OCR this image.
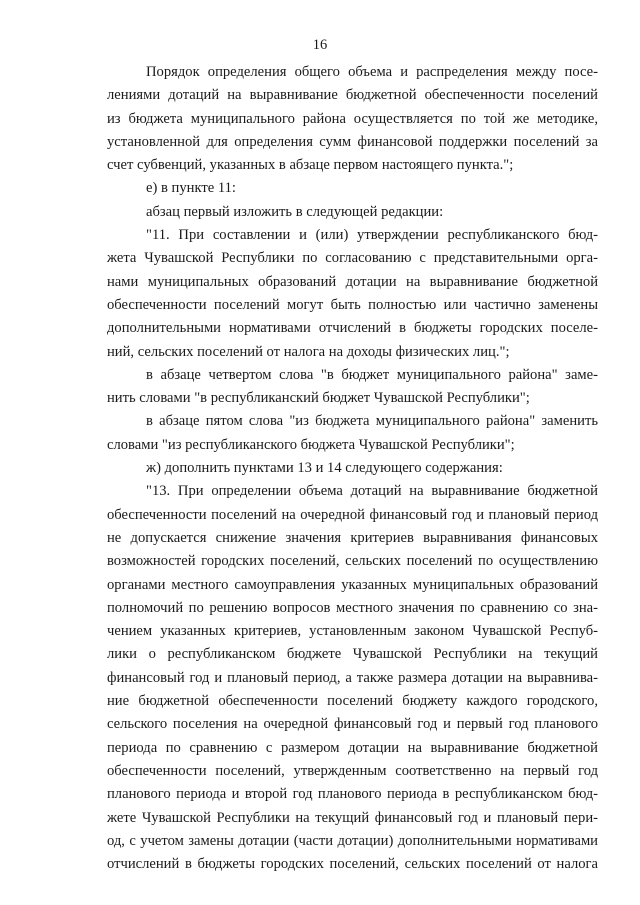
16
Порядок определения общего объема и распределения между посе-
лениями дотаций на выравнивание бюджетной обеспеченности поселений
из бюджета муниципального района осуществляется по той же методике,
установленной для определения сумм финансовой поддержки поселений за
счет субвенций, указанных в абзаце первом настоящего пункта.";
е) в пункте 11:
абзац первый изложить в следующей редакции:
"11. При составлении и (или) утверждении республиканского бюд-
жета Чувашской Республики по согласованию с представительными орга-
нами муниципальных образований дотации на выравнивание бюджетной
обеспеченности поселений могут быть полностью или частично заменены
дополнительными нормативами отчислений в бюджеты городских поселе-
ний, сельских поселений от налога на доходы физических лиц.";
в абзаце четвертом слова "в бюджет муниципального района" заме-
нить словами "в республиканский бюджет Чувашской Республики";
в абзаце пятом слова "из бюджета муниципального района" заменить
словами "из республиканского бюджета Чувашской Республики";
ж) дополнить пунктами 13 и 14 следующего содержания:
"13. При определении объема дотаций на выравнивание бюджетной
обеспеченности поселений на очередной финансовый год и плановый период
не допускается снижение значения критериев выравнивания финансовых
возможностей городских поселений, сельских поселений по осуществлению
органами местного самоуправления указанных муниципальных образований
полномочий по решению вопросов местного значения по сравнению со зна-
чением указанных критериев, установленным законом Чувашской Респуб-
лики о республиканском бюджете Чувашской Республики на текущий
финансовый год и плановый период, а также размера дотации на выравнива-
ние бюджетной обеспеченности поселений бюджету каждого городского,
сельского поселения на очередной финансовый год и первый год планового
периода по сравнению с размером дотации на выравнивание бюджетной
обеспеченности поселений, утвержденным соответственно на первый год
планового периода и второй год планового периода в республиканском бюд-
жете Чувашской Республики на текущий финансовый год и плановый пери-
од, с учетом замены дотации (части дотации) дополнительными нормативами
отчислений в бюджеты городских поселений, сельских поселений от налога
